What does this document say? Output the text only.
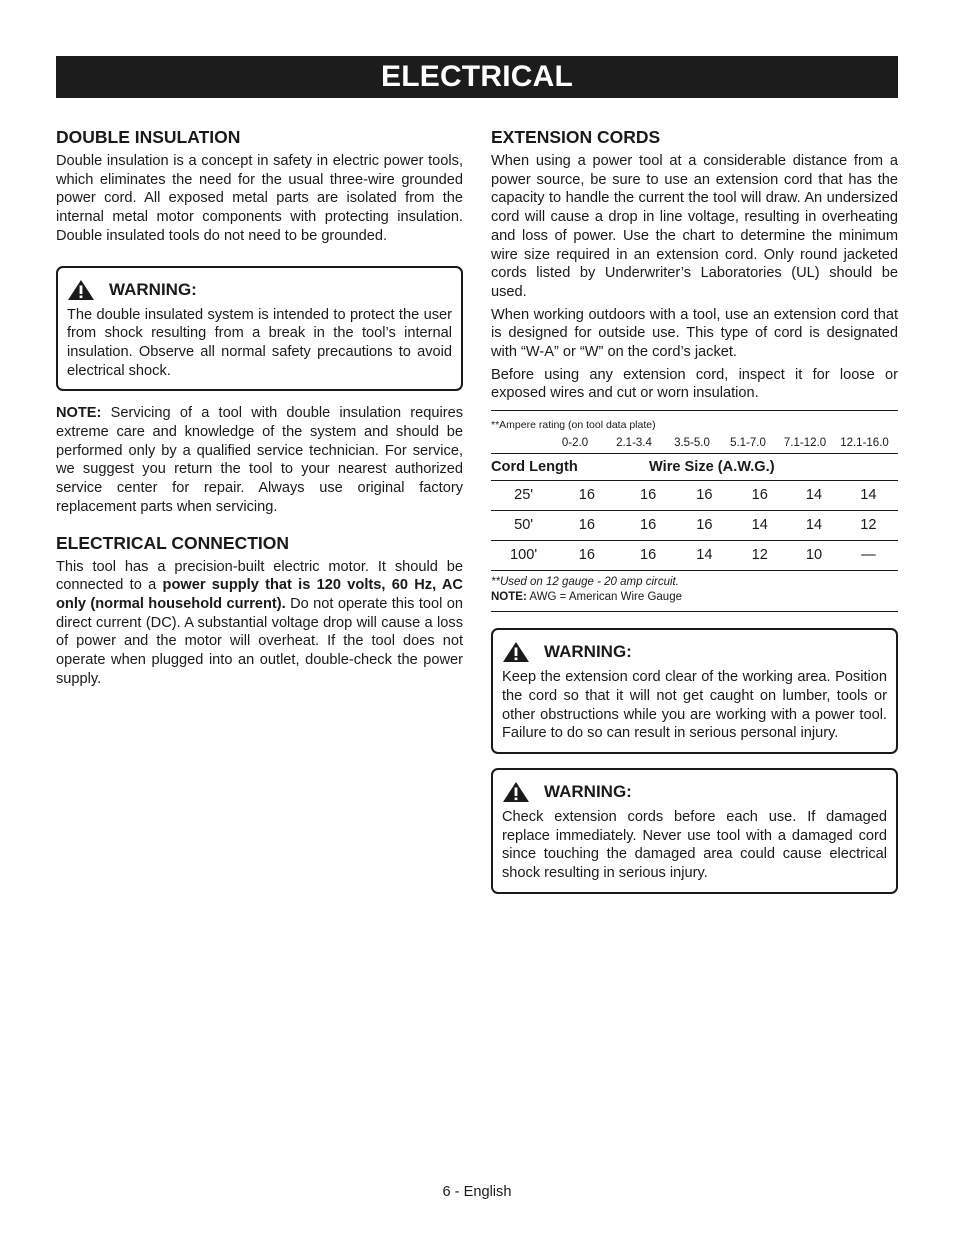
ELECTRICAL
DOUBLE INSULATION

Double insulation is a concept in safety in electric power tools, which eliminates the need for the usual three-wire grounded power cord. All exposed metal parts are isolated from the internal metal motor components with protecting insulation. Double insulated tools do not need to be grounded.

WARNING:

The double insulated system is intended to protect the user from shock resulting from a break in the tool’s internal insulation. Observe all normal safety precautions to avoid electrical shock.

NOTE: Servicing of a tool with double insulation requires extreme care and knowledge of the system and should be performed only by a qualified service technician. For service, we suggest you return the tool to your nearest authorized service center for repair. Always use original factory replacement parts when servicing.

ELECTRICAL CONNECTION

This tool has a precision-built electric motor. It should be connected to a power supply that is 120 volts, 60 Hz, AC only (normal household current). Do not operate this tool on direct current (DC). A substantial voltage drop will cause a loss of power and the motor will overheat. If the tool does not operate when plugged into an outlet, double-check the power supply.

EXTENSION CORDS

When using a power tool at a considerable distance from a power source, be sure to use an extension cord that has the capacity to handle the current the tool will draw. An undersized cord will cause a drop in line voltage, resulting in overheating and loss of power. Use the chart to determine the minimum wire size required in an extension cord. Only round jacketed cords listed by Underwriter’s Laboratories (UL) should be used.

When working outdoors with a tool, use an extension cord that is designed for outside use. This type of cord is designated with “W-A” or “W” on the cord’s jacket.

Before using any extension cord, inspect it for loose or exposed wires and cut or worn insulation.

**Ampere rating (on tool data plate)
0-2.0	2.1-3.4	3.5-5.0	5.1-7.0	7.1-12.0	12.1-16.0
Cord Length	Wire Size (A.W.G.)
25'	16	16	16	16	14	14
50'	16	16	16	14	14	12
100'	16	16	14	12	10	—
**Used on 12 gauge - 20 amp circuit.
NOTE: AWG = American Wire Gauge
WARNING:

Keep the extension cord clear of the working area. Position the cord so that it will not get caught on lumber, tools or other obstructions while you are working with a power tool. Failure to do so can result in serious personal injury.

WARNING:

Check extension cords before each use. If damaged replace immediately. Never use tool with a damaged cord since touching the damaged area could cause electrical shock resulting in serious injury.

6 - English
